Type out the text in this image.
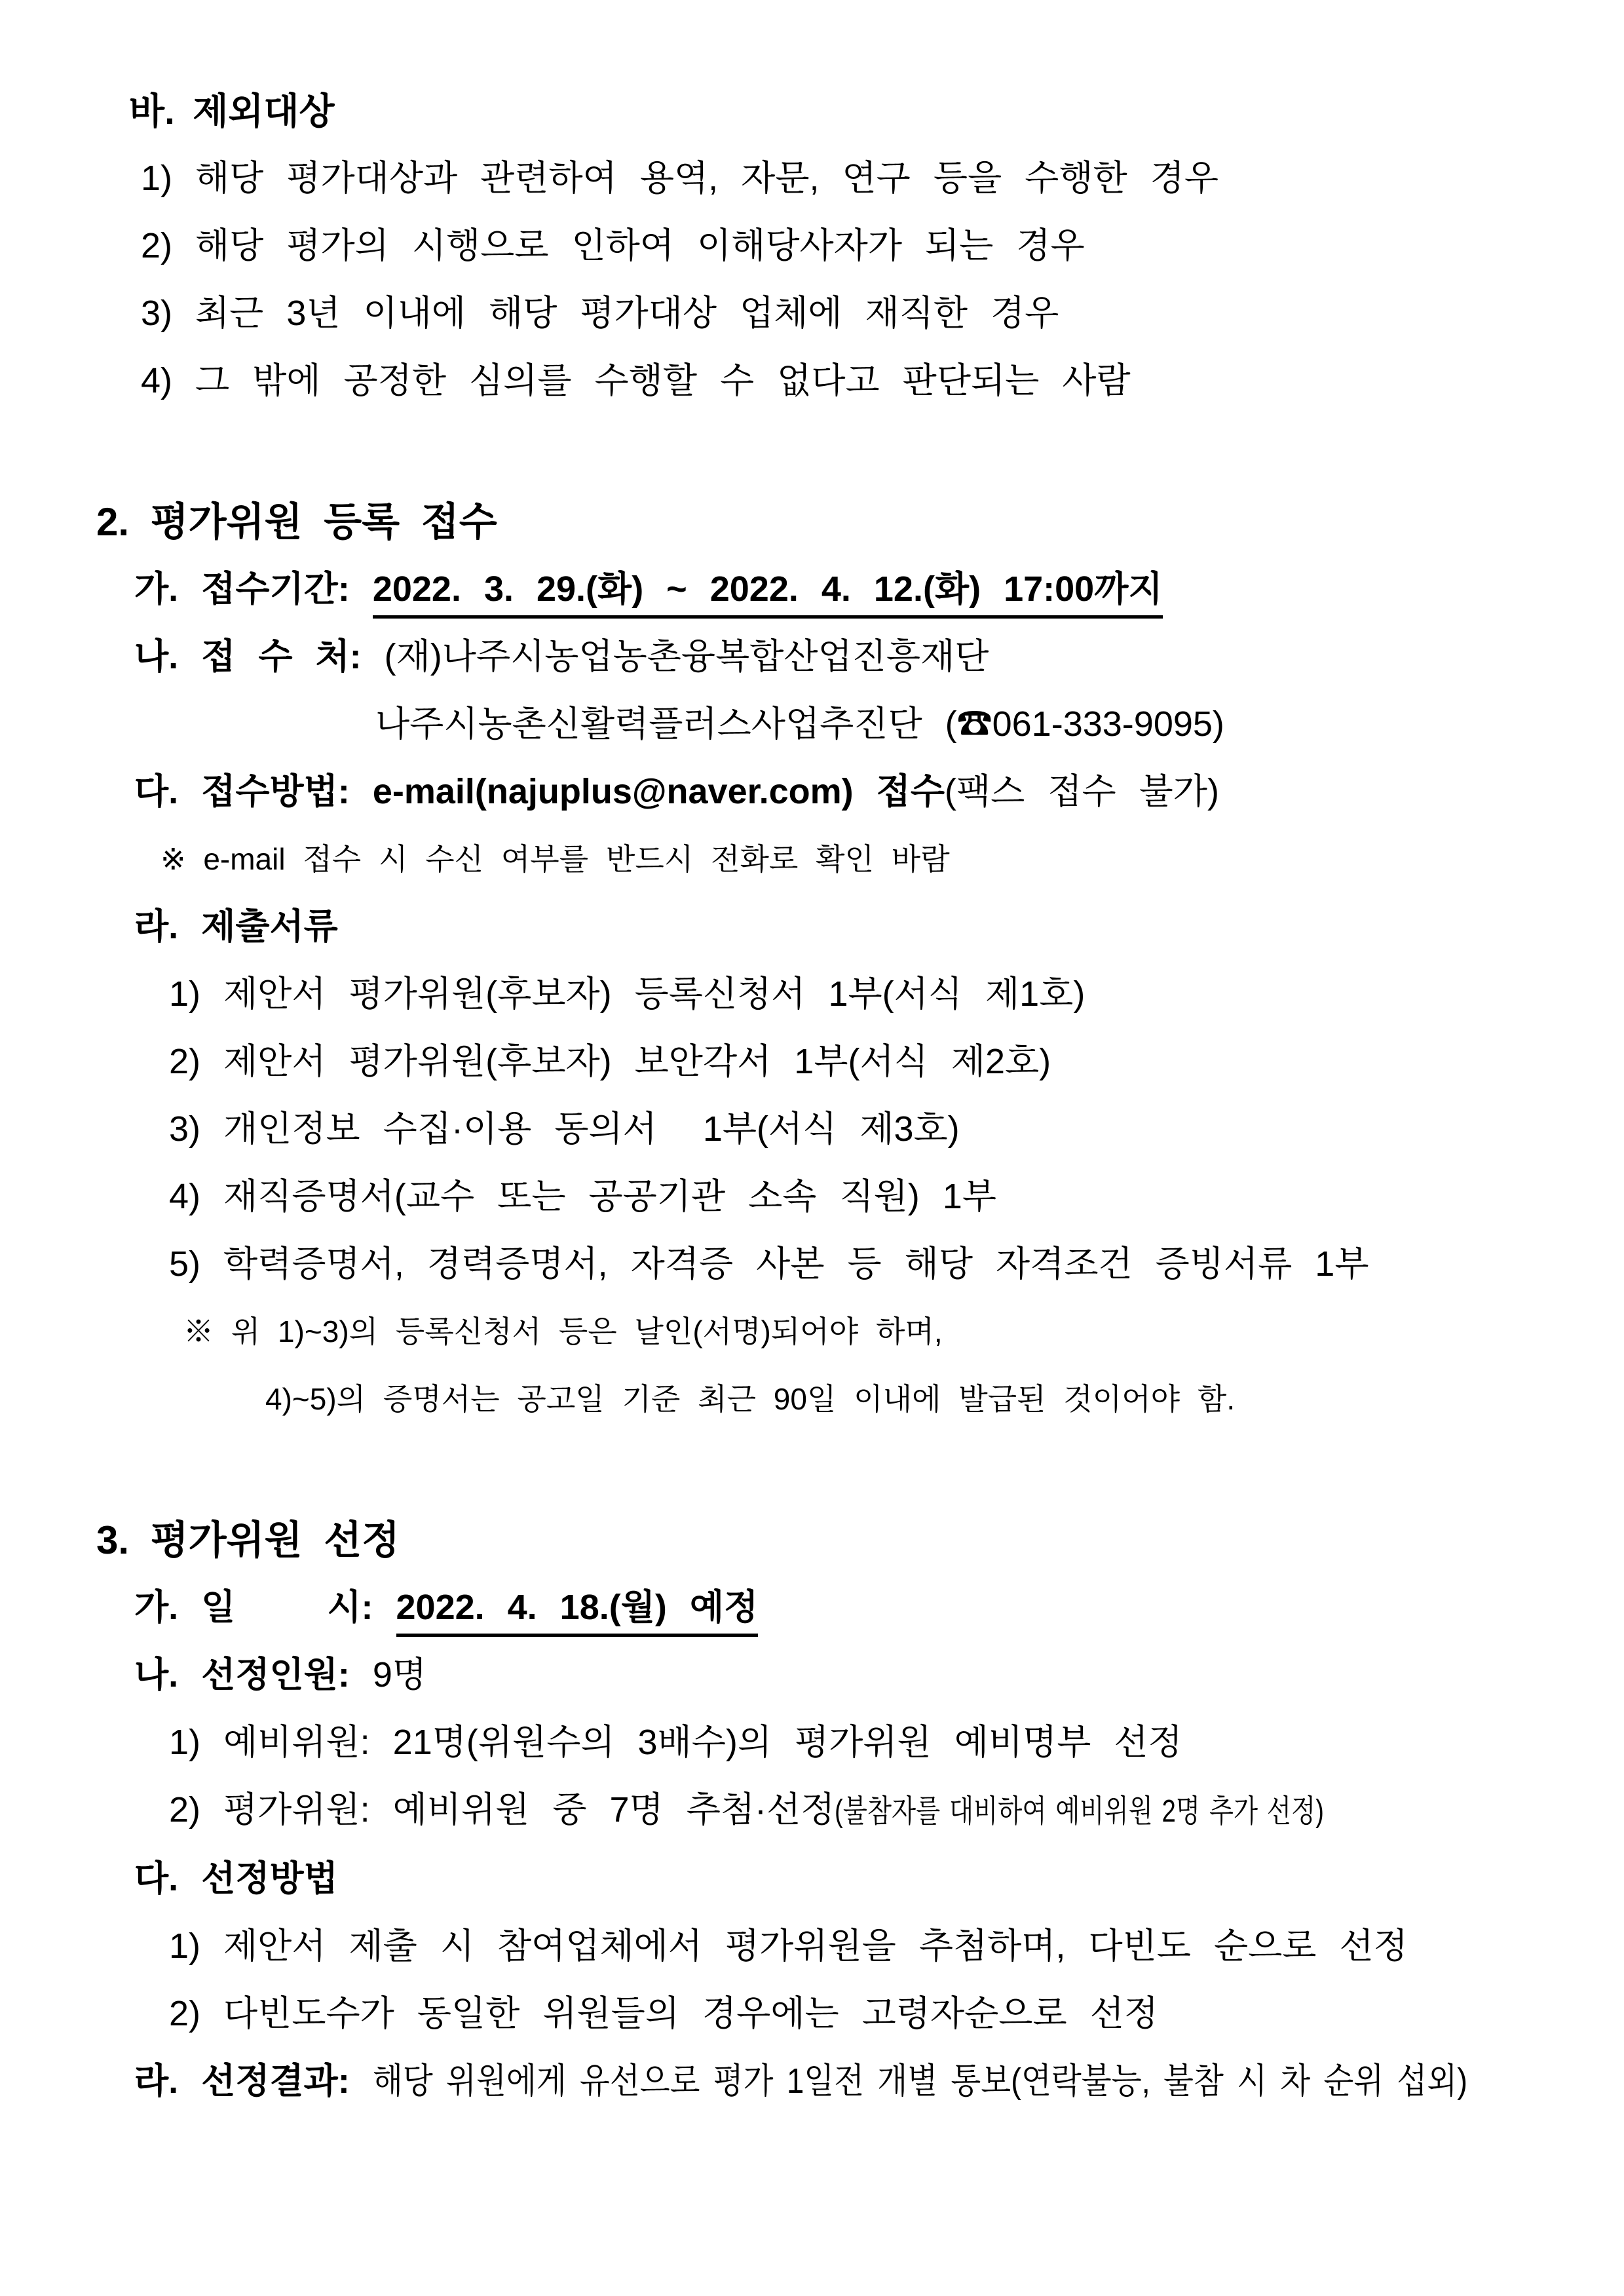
바. 제외대상

1) 해당 평가대상과 관련하여 용역, 자문, 연구 등을 수행한 경우

2) 해당 평가의 시행으로 인하여 이해당사자가 되는 경우

3) 최근 3년 이내에 해당 평가대상 업체에 재직한 경우

4) 그 밖에 공정한 심의를 수행할 수 없다고 판단되는 사람

2. 평가위원 등록 접수

가. 접수기간: 2022. 3. 29.(화) ~ 2022. 4. 12.(화) 17:00까지

나. 접 수 처: (재)나주시농업농촌융복합산업진흥재단

나주시농촌신활력플러스사업추진단 (☎061-333-9095)

다. 접수방법: e-mail(najuplus@naver.com) 접수(팩스 접수 불가)

※ e-mail 접수 시 수신 여부를 반드시 전화로 확인 바람

라. 제출서류

1) 제안서 평가위원(후보자) 등록신청서 1부(서식 제1호)

2) 제안서 평가위원(후보자) 보안각서 1부(서식 제2호)

3) 개인정보 수집·이용 동의서  1부(서식 제3호)

4) 재직증명서(교수 또는 공공기관 소속 직원) 1부

5) 학력증명서, 경력증명서, 자격증 사본 등 해당 자격조건 증빙서류 1부

※ 위 1)~3)의 등록신청서 등은 날인(서명)되어야 하며,

4)~5)의 증명서는 공고일 기준 최근 90일 이내에 발급된 것이어야 함.

3. 평가위원 선정

가. 일    시: 2022. 4. 18.(월) 예정

나. 선정인원: 9명

1) 예비위원: 21명(위원수의 3배수)의 평가위원 예비명부 선정

2) 평가위원: 예비위원 중 7명 추첨·선정(불참자를 대비하여 예비위원 2명 추가 선정)

다. 선정방법

1) 제안서 제출 시 참여업체에서 평가위원을 추첨하며, 다빈도 순으로 선정

2) 다빈도수가 동일한 위원들의 경우에는 고령자순으로 선정

라. 선정결과: 해당 위원에게 유선으로 평가 1일전 개별 통보(연락불능, 불참 시 차 순위 섭외)
